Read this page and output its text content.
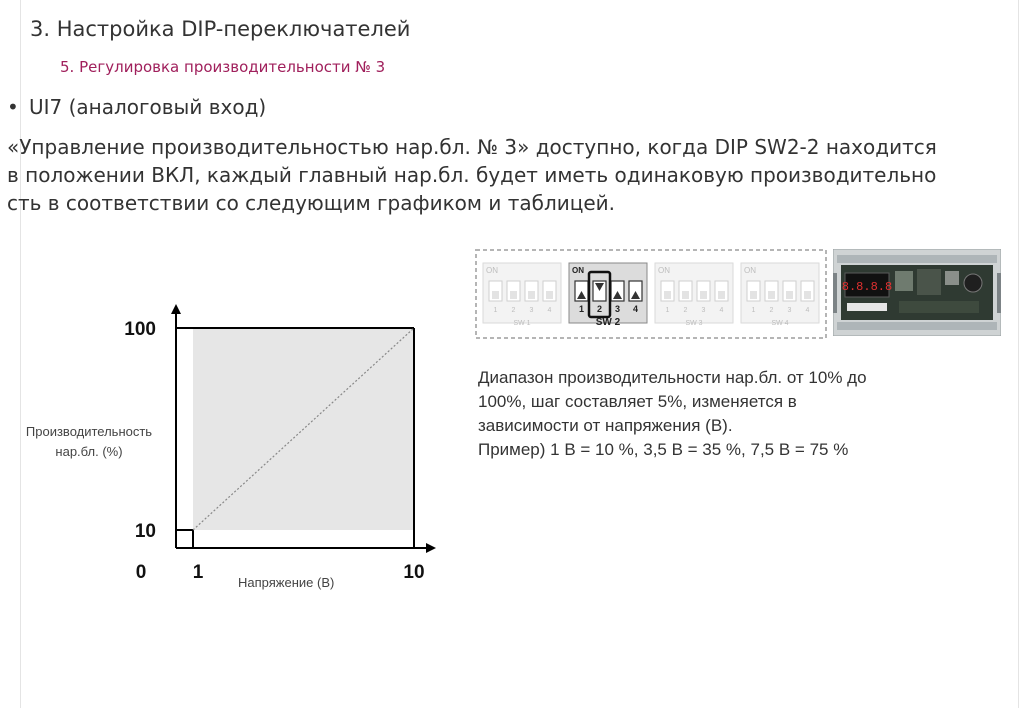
3. Настройка DIP-переключателей
5. Регулировка производительности № 3
• UI7 (аналоговый вход)
«Управление производительностью нар.бл. № 3» доступно, когда DIP SW2-2 находится
в положении ВКЛ, каждый главный нар.бл. будет иметь одинаковую производительно
сть в соответствии со следующим графиком и таблицей.
100
10
0 1	10
Производительность
нар.бл. (%)
Напряжение (В)
ON
1 2 3 4
SW 1
ON
1 2 3 4
SW 2
ON
1 2 3 4
SW 3
ON
1 2 3 4
SW 4
8.8.8.8
Диапазон производительности нар.бл. от 10% до
100%, шаг составляет 5%, изменяется в
зависимости от напряжения (В).
Пример) 1 В = 10 %, 3,5 В = 35 %, 7,5 В = 75 %
